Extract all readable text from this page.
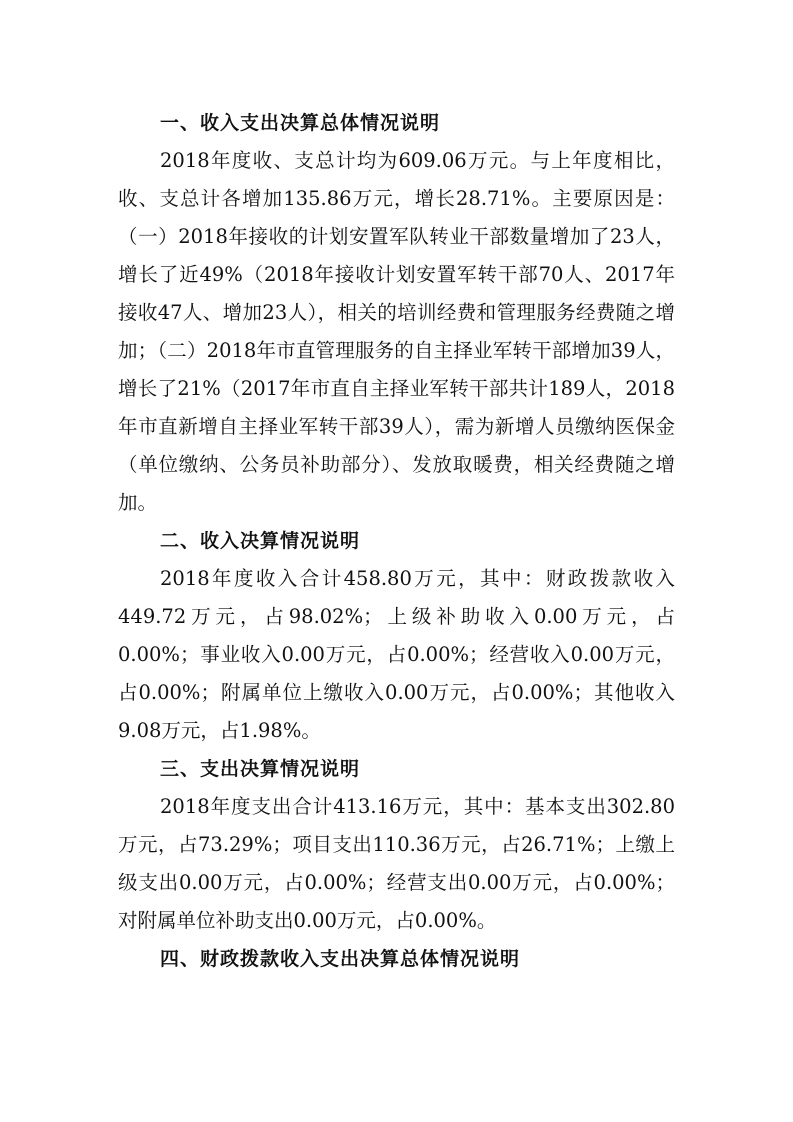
一、收入支出决算总体情况说明

2018年度收、支总计均为609.06万元。与上年度相比，收、支总计各增加135.86万元，增长28.71%。主要原因是：（一）2018年接收的计划安置军队转业干部数量增加了23人，增长了近49%（2018年接收计划安置军转干部70人、2017年接收47人、增加23人），相关的培训经费和管理服务经费随之增加；（二）2018年市直管理服务的自主择业军转干部增加39人，增长了21%（2017年市直自主择业军转干部共计189人，2018年市直新增自主择业军转干部39人），需为新增人员缴纳医保金（单位缴纳、公务员补助部分）、发放取暖费，相关经费随之增加。

二、收入决算情况说明

2018年度收入合计458.80万元，其中：财政拨款收入449.72万元，占98.02%；上级补助收入0.00万元，占0.00%；事业收入0.00万元，占0.00%；经营收入0.00万元，占0.00%；附属单位上缴收入0.00万元，占0.00%；其他收入9.08万元，占1.98%。

三、支出决算情况说明

2018年度支出合计413.16万元，其中：基本支出302.80万元，占73.29%；项目支出110.36万元，占26.71%；上缴上级支出0.00万元，占0.00%；经营支出0.00万元，占0.00%；对附属单位补助支出0.00万元，占0.00%。

四、财政拨款收入支出决算总体情况说明
